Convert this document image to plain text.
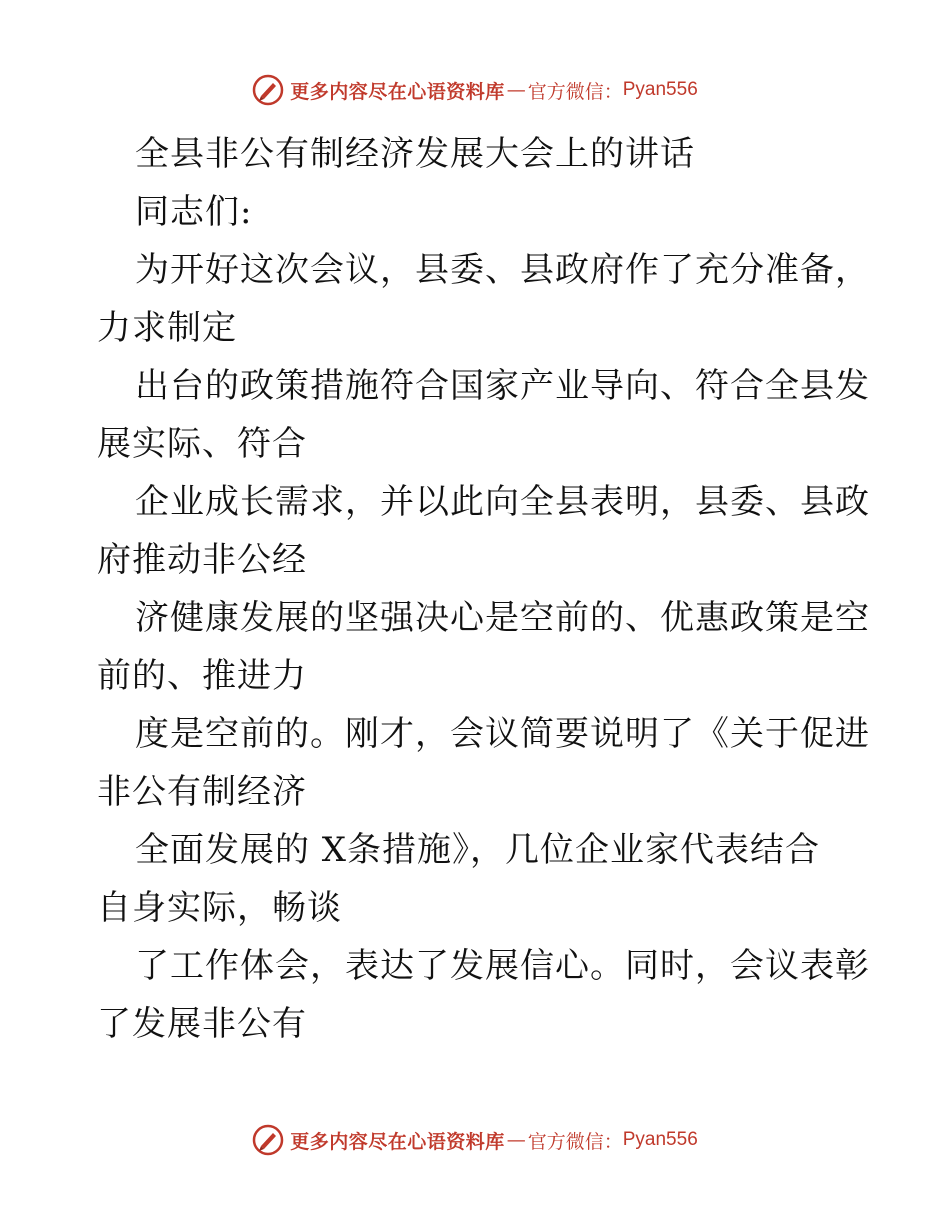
更多内容尽在心语资料库 — 官方微信： Pyan556
全县非公有制经济发展大会上的讲话
同志们:
为开好这次会议，县委、县政府作了充分准备，
力求制定
出台的政策措施符合国家产业导向、符合全县发
展实际、符合
企业成长需求，并以此向全县表明，县委、县政
府推动非公经
济健康发展的坚强决心是空前的、优惠政策是空
前的、推进力
度是空前的。刚才，会议简要说明了《关于促进
非公有制经济
全面发展的 X条措施》，几位企业家代表结合
自身实际，畅谈
了工作体会，表达了发展信心。同时，会议表彰
了发展非公有
更多内容尽在心语资料库 — 官方微信： Pyan556
